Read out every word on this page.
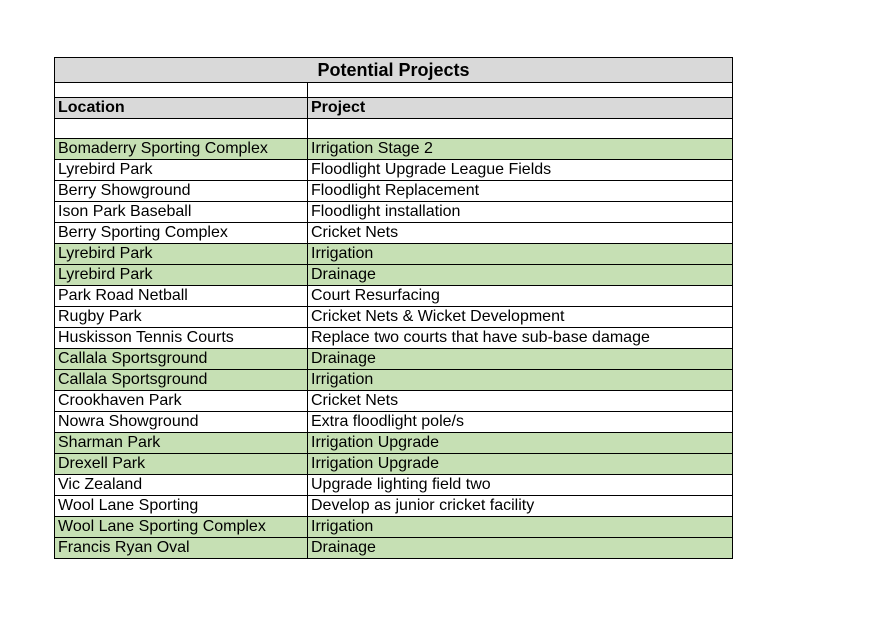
Potential Projects	

Location	Project

Bomaderry Sporting Complex	Irrigation Stage 2
Lyrebird Park	Floodlight Upgrade League Fields
Berry Showground	Floodlight Replacement
Ison Park Baseball	Floodlight installation
Berry Sporting Complex	Cricket Nets
Lyrebird Park	Irrigation
Lyrebird Park	Drainage
Park Road Netball	Court Resurfacing
Rugby Park	Cricket Nets & Wicket Development
Huskisson Tennis Courts	Replace two courts that have sub-base damage
Callala Sportsground	Drainage
Callala Sportsground	Irrigation
Crookhaven Park	Cricket Nets
Nowra Showground	Extra floodlight pole/s
Sharman Park	Irrigation Upgrade
Drexell Park	Irrigation Upgrade
Vic Zealand	Upgrade lighting field two
Wool Lane Sporting	Develop as junior cricket facility
Wool Lane Sporting Complex	Irrigation
Francis Ryan Oval	Drainage
